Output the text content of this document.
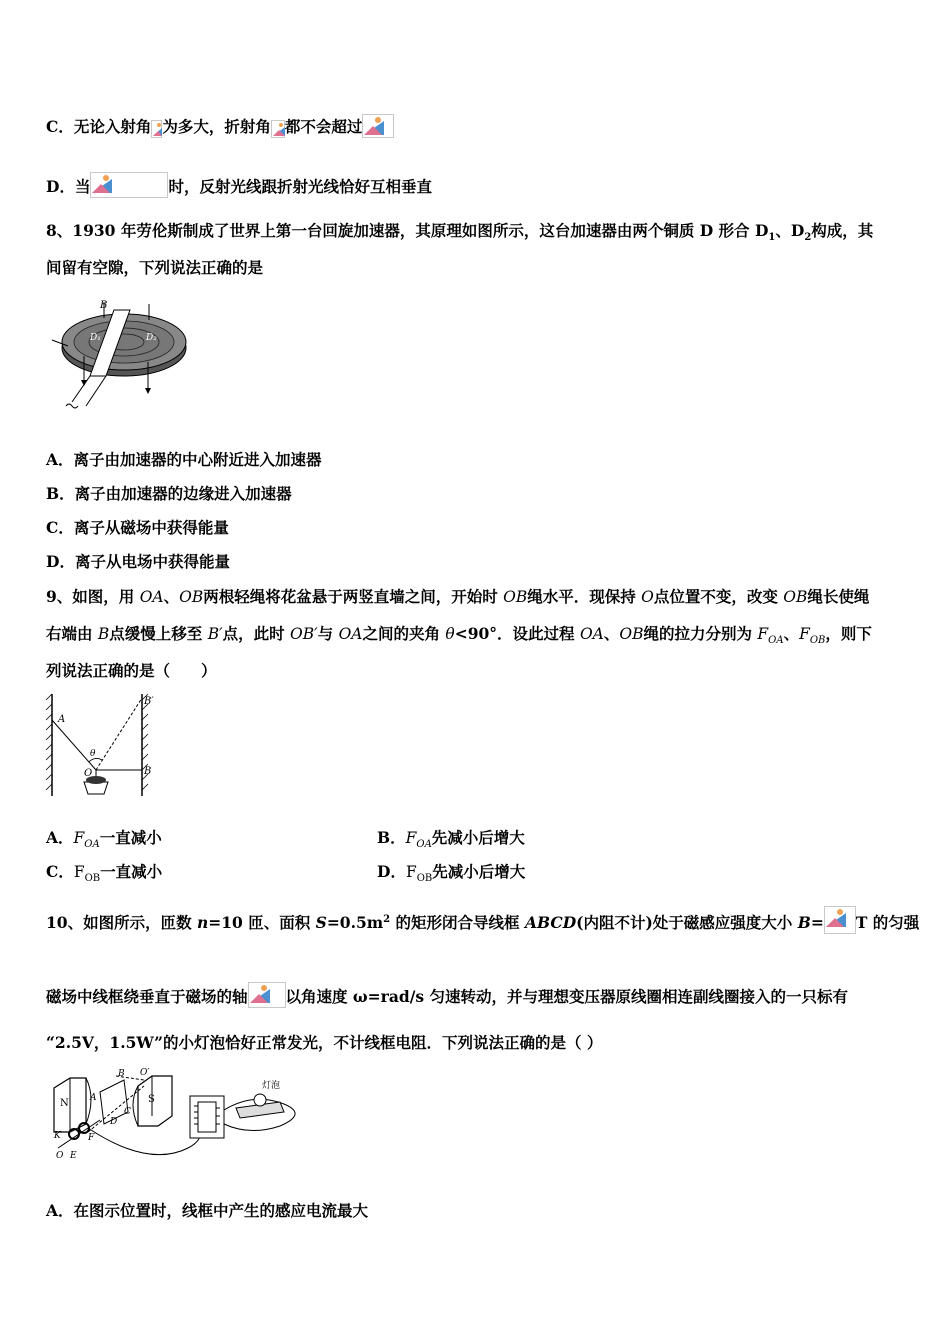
C．无论入射角 为多大，折射角 都不会超过
D．当	时，反射光线跟折射光线恰好互相垂直
8、1930 年劳伦斯制成了世界上第一台回旋加速器，其原理如图所示，这台加速器由两个铜质 D 形合 $D_1$、$D_2$构成，其
间留有空隙，下列说法正确的是
B
D₁	D₂
A．离子由加速器的中心附近进入加速器
B．离子由加速器的边缘进入加速器
C．离子从磁场中获得能量
D．离子从电场中获得能量
9、如图，用 OA、OB两根轻绳将花盆悬于两竖直墙之间，开始时 OB绳水平．现保持 O点位置不变，改变 OB绳长使绳
右端由 B点缓慢上移至 B′点，此时 OB′与 OA之间的夹角 θ<90°．设此过程 OA、OB绳的拉力分别为 $F_{OA}$、$F_{OB}$，则下
列说法正确的是（　　）
A
B′
B
O
θ
A．$F_{OA}$一直减小	B．$F_{OA}$先减小后增大
C．$F_{OB}$一直减小	D．$F_{OB}$先减小后增大
10、如图所示，匝数 n=10 匝、面积 $S=0.5m^2$ 的矩形闭合导线框 ABCD(内阻不计)处于磁感应强度大小 B= T 的匀强
磁场中线框绕垂直于磁场的轴 以角速度 ω=rad/s 匀速转动，并与理想变压器原线圈相连副线圈接入的一只标有
“2.5V，1.5W”的小灯泡恰好正常发光，不计线框电阻．下列说法正确的是（ ）
N	S
A
B
C
D
O′
K	F
O E
灯泡
A．在图示位置时，线框中产生的感应电流最大
